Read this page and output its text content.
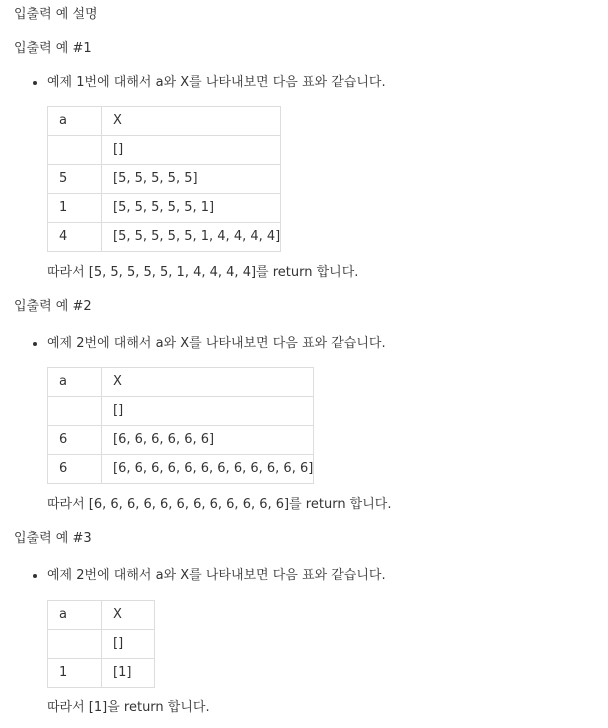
입출력 예 설명
입출력 예 #1
예제 1번에 대해서 a와 X를 나타내보면 다음 표와 같습니다.
a	X
	[]
5	[5, 5, 5, 5, 5]
1	[5, 5, 5, 5, 5, 1]
4	[5, 5, 5, 5, 5, 1, 4, 4, 4, 4]
따라서 [5, 5, 5, 5, 5, 1, 4, 4, 4, 4]를 return 합니다.
입출력 예 #2
예제 2번에 대해서 a와 X를 나타내보면 다음 표와 같습니다.
a	X
	[]
6	[6, 6, 6, 6, 6, 6]
6	[6, 6, 6, 6, 6, 6, 6, 6, 6, 6, 6, 6]
따라서 [6, 6, 6, 6, 6, 6, 6, 6, 6, 6, 6, 6]를 return 합니다.
입출력 예 #3
예제 2번에 대해서 a와 X를 나타내보면 다음 표와 같습니다.
a	X
	[]
1	[1]
따라서 [1]을 return 합니다.
